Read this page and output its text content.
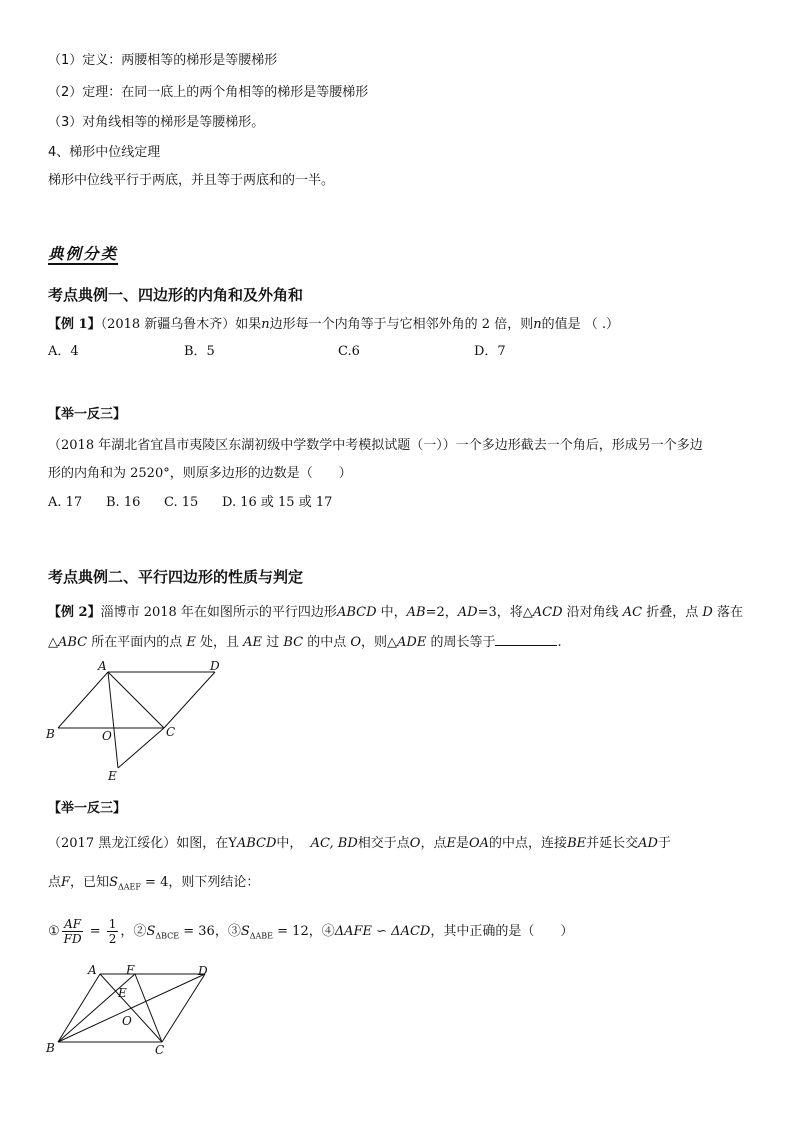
（1）定义：两腰相等的梯形是等腰梯形
（2）定理：在同一底上的两个角相等的梯形是等腰梯形
（3）对角线相等的梯形是等腰梯形。
4、梯形中位线定理
梯形中位线平行于两底，并且等于两底和的一半。
典例分类
考点典例一、四边形的内角和及外角和
【例 1】（2018 新疆乌鲁木齐）如果n边形每一个内角等于与它相邻外角的 2 倍，则n的值是 （ .）
A．4	B．5	C.6	D．7
【举一反三】
（2018 年湖北省宜昌市夷陵区东湖初级中学数学中考模拟试题（一））一个多边形截去一个角后，形成另一个多边
形的内角和为 2520°，则原多边形的边数是（　　）
A. 17 B. 16 C. 15 D. 16 或 15 或 17
考点典例二、平行四边形的性质与判定
【例 2】淄博市 2018 年在如图所示的平行四边形ABCD 中，AB=2，AD=3，将△ACD 沿对角线 AC 折叠，点 D 落在
△ABC 所在平面内的点 E 处，且 AE 过 BC 的中点 O，则△ADE 的周长等于	.
A	D
B	O	C
E
【举一反三】
（2017 黑龙江绥化）如图，在YABCD中， AC, BD相交于点O，点E是OA的中点，连接BE并延长交AD于
点F，已知$S_{\Delta AEF} = 4$，则下列结论：
① $\frac{AF}{FD} = \frac{1}{2}$ ，$②S_{\Delta BCE} = 36$，$③S_{\Delta ABE} = 12$，④ΔAFE ∽ ΔACD，其中正确的是（　　）
A F	D
E
O
B	C
